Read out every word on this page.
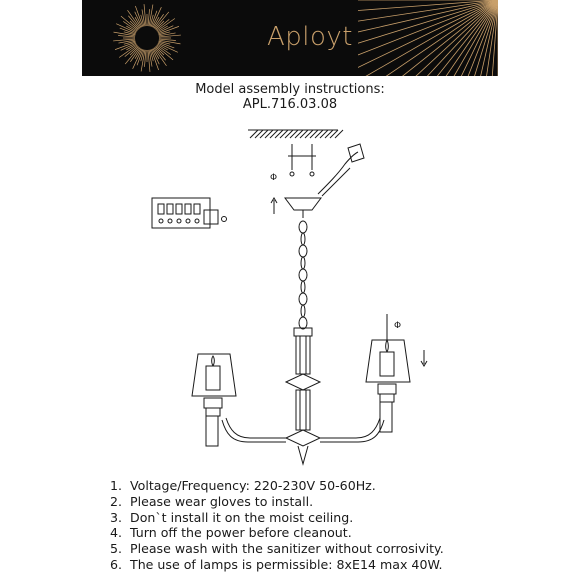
Aployt
Model assembly instructions:
APL.716.03.08
Φ
Φ
1. Voltage/Frequency: 220-230V 50-60Hz.
2. Please wear gloves to install.
3. Don`t install it on the moist ceiling.
4. Turn off the power before cleanout.
5. Please wash with the sanitizer without corrosivity.
6. The use of lamps is permissible: 8xE14 max 40W.
